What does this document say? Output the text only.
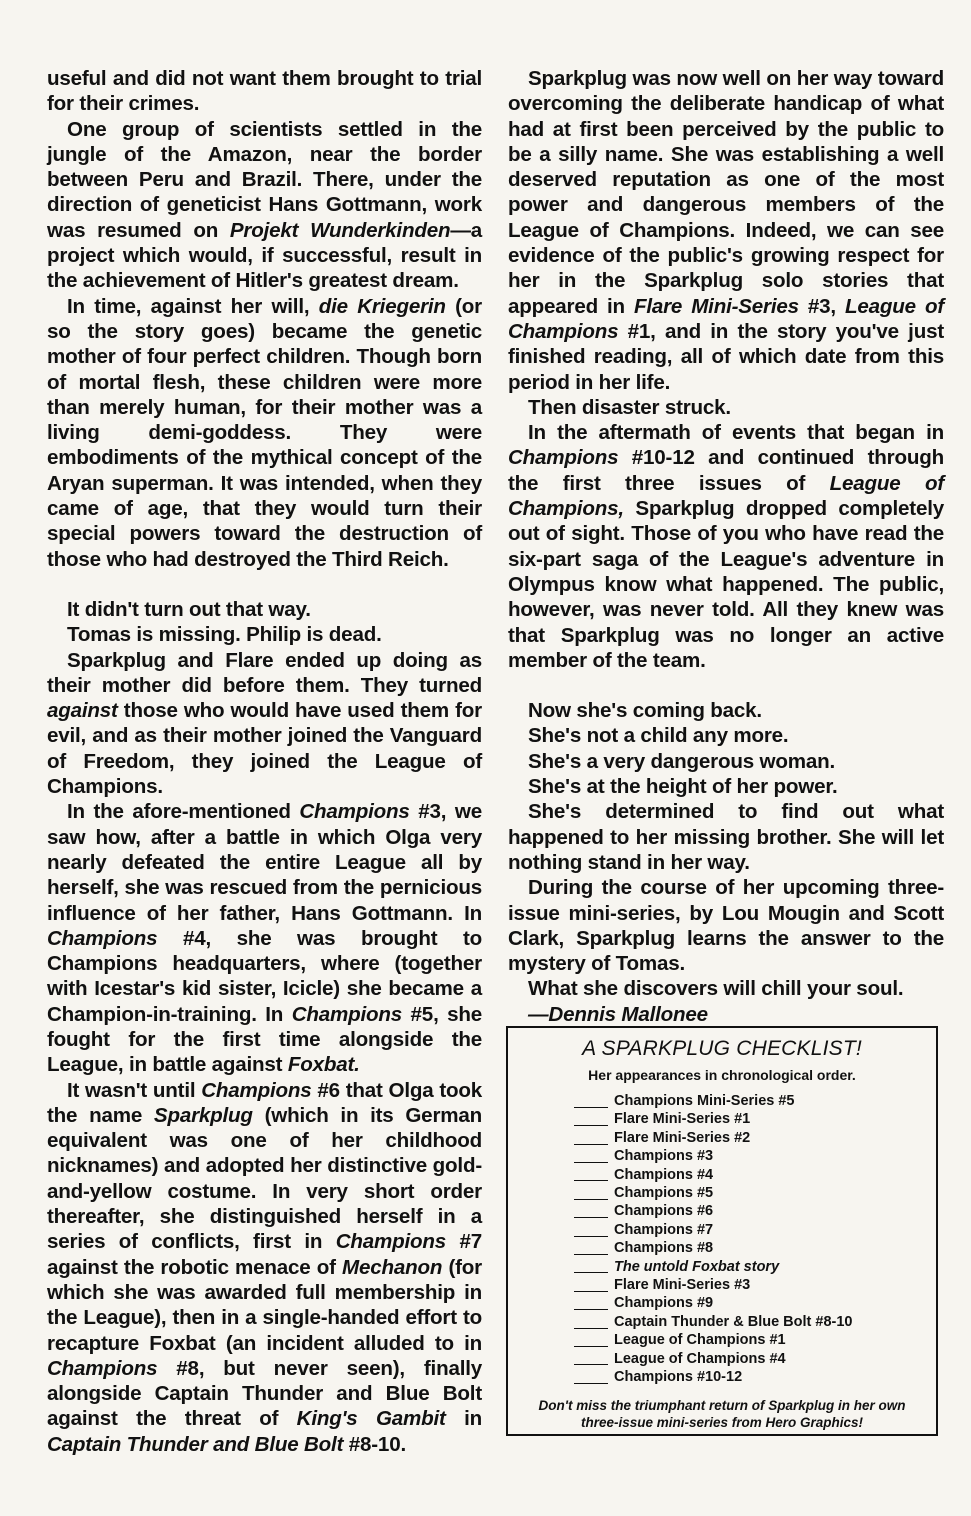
useful and did not want them brought to trial for their crimes.

One group of scientists settled in the jungle of the Amazon, near the border between Peru and Brazil. There, under the direction of geneticist Hans Gottmann, work was resumed on Projekt Wunderkinden—a project which would, if successful, result in the achievement of Hitler's greatest dream.

In time, against her will, die Kriegerin (or so the story goes) became the genetic mother of four perfect children. Though born of mortal flesh, these children were more than merely human, for their mother was a living demi-goddess. They were embodiments of the mythical concept of the Aryan superman. It was intended, when they came of age, that they would turn their special powers toward the destruction of those who had destroyed the Third Reich.

It didn't turn out that way.

Tomas is missing. Philip is dead.

Sparkplug and Flare ended up doing as their mother did before them. They turned against those who would have used them for evil, and as their mother joined the Vanguard of Freedom, they joined the League of Champions.

In the afore-mentioned Champions #3, we saw how, after a battle in which Olga very nearly defeated the entire League all by herself, she was rescued from the pernicious influence of her father, Hans Gottmann. In Champions #4, she was brought to Champions headquarters, where (together with Icestar's kid sister, Icicle) she became a Champion-in-training. In Champions #5, she fought for the first time alongside the League, in battle against Foxbat.

It wasn't until Champions #6 that Olga took the name Sparkplug (which in its German equivalent was one of her childhood nicknames) and adopted her distinctive gold-and-yellow costume. In very short order thereafter, she distinguished herself in a series of conflicts, first in Champions #7 against the robotic menace of Mechanon (for which she was awarded full membership in the League), then in a single-handed effort to recapture Foxbat (an incident alluded to in Champions #8, but never seen), finally alongside Captain Thunder and Blue Bolt against the threat of King's Gambit in Captain Thunder and Blue Bolt #8-10.

Sparkplug was now well on her way toward overcoming the deliberate handicap of what had at first been perceived by the public to be a silly name. She was establishing a well deserved reputation as one of the most power and dangerous members of the League of Champions. Indeed, we can see evidence of the public's growing respect for her in the Sparkplug solo stories that appeared in Flare Mini-Series #3, League of Champions #1, and in the story you've just finished reading, all of which date from this period in her life.

Then disaster struck.

In the aftermath of events that began in Champions #10-12 and continued through the first three issues of League of Champions, Sparkplug dropped completely out of sight. Those of you who have read the six-part saga of the League's adventure in Olympus know what happened. The public, however, was never told. All they knew was that Sparkplug was no longer an active member of the team.

Now she's coming back.

She's not a child any more.

She's a very dangerous woman.

She's at the height of her power.

She's determined to find out what happened to her missing brother. She will let nothing stand in her way.

During the course of her upcoming three-issue mini-series, by Lou Mougin and Scott Clark, Sparkplug learns the answer to the mystery of Tomas.

What she discovers will chill your soul.

—Dennis Mallonee

A SPARKPLUG CHECKLIST!
Her appearances in chronological order.
Champions Mini-Series #5
Flare Mini-Series #1
Flare Mini-Series #2
Champions #3
Champions #4
Champions #5
Champions #6
Champions #7
Champions #8
The untold Foxbat story
Flare Mini-Series #3
Champions #9
Captain Thunder & Blue Bolt #8-10
League of Champions #1
League of Champions #4
Champions #10-12
Don't miss the triumphant return of Sparkplug in her own three-issue mini-series from Hero Graphics!
